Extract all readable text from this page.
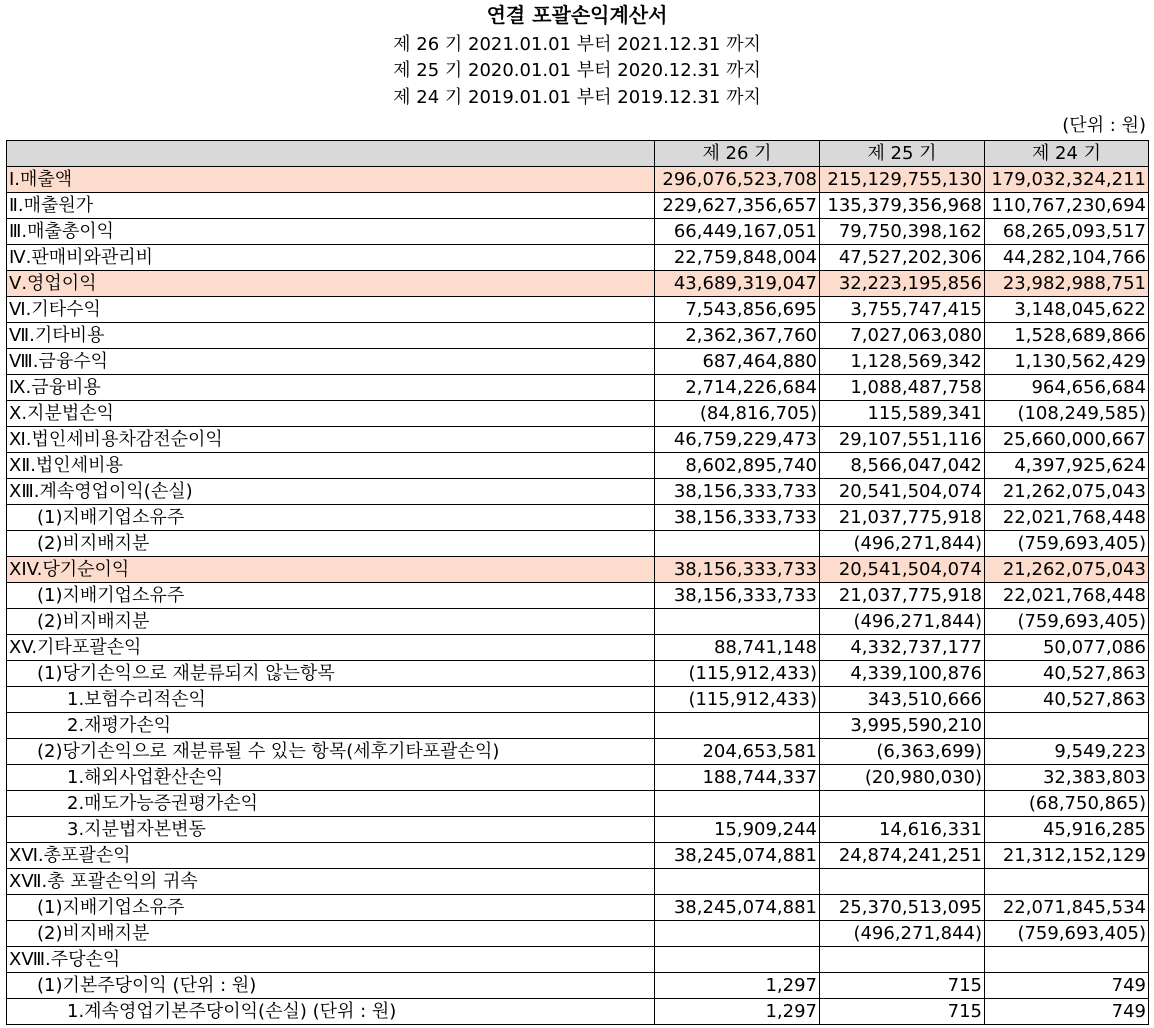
연결 포괄손익계산서
제 26 기 2021.01.01 부터 2021.12.31 까지
제 25 기 2020.01.01 부터 2020.12.31 까지
제 24 기 2019.01.01 부터 2019.12.31 까지
(단위 : 원)
	제 26 기	제 25 기	제 24 기
Ⅰ.매출액	296,076,523,708	215,129,755,130	179,032,324,211
Ⅱ.매출원가	229,627,356,657	135,379,356,968	110,767,230,694
Ⅲ.매출총이익	66,449,167,051	79,750,398,162	68,265,093,517
Ⅳ.판매비와관리비	22,759,848,004	47,527,202,306	44,282,104,766
Ⅴ.영업이익	43,689,319,047	32,223,195,856	23,982,988,751
Ⅵ.기타수익	7,543,856,695	3,755,747,415	3,148,045,622
Ⅶ.기타비용	2,362,367,760	7,027,063,080	1,528,689,866
Ⅷ.금융수익	687,464,880	1,128,569,342	1,130,562,429
Ⅸ.금융비용	2,714,226,684	1,088,487,758	964,656,684
Ⅹ.지분법손익	(84,816,705)	115,589,341	(108,249,585)
Ⅺ.법인세비용차감전순이익	46,759,229,473	29,107,551,116	25,660,000,667
ⅩⅡ.법인세비용	8,602,895,740	8,566,047,042	4,397,925,624
ⅩⅢ.계속영업이익(손실)	38,156,333,733	20,541,504,074	21,262,075,043
(1)지배기업소유주	38,156,333,733	21,037,775,918	22,021,768,448
(2)비지배지분		(496,271,844)	(759,693,405)
XIV.당기순이익	38,156,333,733	20,541,504,074	21,262,075,043
(1)지배기업소유주	38,156,333,733	21,037,775,918	22,021,768,448
(2)비지배지분		(496,271,844)	(759,693,405)
XV.기타포괄손익	88,741,148	4,332,737,177	50,077,086
(1)당기손익으로 재분류되지 않는항목	(115,912,433)	4,339,100,876	40,527,863
1.보험수리적손익	(115,912,433)	343,510,666	40,527,863
2.재평가손익		3,995,590,210	
(2)당기손익으로 재분류될 수 있는 항목(세후기타포괄손익)	204,653,581	(6,363,699)	9,549,223
1.해외사업환산손익	188,744,337	(20,980,030)	32,383,803
2.매도가능증권평가손익			(68,750,865)
3.지분법자본변동	15,909,244	14,616,331	45,916,285
XⅥ.총포괄손익	38,245,074,881	24,874,241,251	21,312,152,129
XⅦ.총 포괄손익의 귀속			
(1)지배기업소유주	38,245,074,881	25,370,513,095	22,071,845,534
(2)비지배지분		(496,271,844)	(759,693,405)
XⅧ.주당손익			
(1)기본주당이익 (단위 : 원)	1,297	715	749
1.계속영업기본주당이익(손실) (단위 : 원)	1,297	715	749
